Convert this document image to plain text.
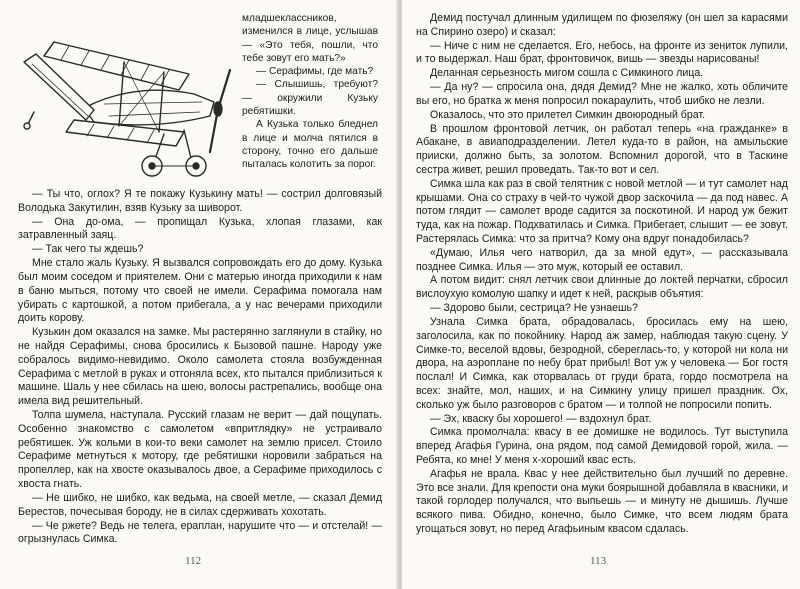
младшеклассников, изменился в лице, услышав — «Это тебя, пошли, что тебе зовут его мать?»

— Серафимы, где мать?

— Слышишь, требуют? — окружили Кузьку ребятишки.

А Кузька только бледнел в лице и молча пятился в сторону, точно его дальше пыталась колотить за порог.

— Ты что, оглох? Я те покажу Кузькину мать! — сострил долговязый Володька Закутилин, взяв Кузьку за шиворот.

— Она до-ома, — пропищал Кузька, хлопая глазами, как затравленный заяц.

— Так чего ты ждешь?

Мне стало жаль Кузьку. Я вызвался сопровождать его до дому. Кузька был моим соседом и приятелем. Они с матерью иногда приходили к нам в баню мыться, потому что своей не имели. Серафима помогала нам убирать с картошкой, а потом прибегала, а у нас вечерами приходили доить корову.

Кузькин дом оказался на замке. Мы растерянно заглянули в стайку, но не найдя Серафимы, снова бросились к Бызовой пашне. Народу уже собралось видимо-невидимо. Около самолета стояла возбужденная Серафима с метлой в руках и отгоняла всех, кто пытался приблизиться к машине. Шаль у нее сбилась на шею, волосы растрепались, вообще она имела вид решительный.

Толпа шумела, наступала. Русский глазам не верит — дай пощупать. Особенно знакомство с самолетом «впритлядку» не устраивало ребятишек. Уж кольми в кои-то веки самолет на землю присел. Стоило Серафиме метнуться к мотору, где ребятишки норовили забраться на пропеллер, как на хвосте оказывалось двое, а Серафиме приходилось с хвоста гнать.

— Не шибко, не шибко, как ведьма, на своей метле, — сказал Демид Берестов, почесывая бороду, не в силах сдерживать хохотать.

— Че ржете? Ведь не телега, ераплан, нарушите что — и отстелай! — огрызнулась Симка.

112

Демид постучал длинным удилищем по фюзеляжу (он шел за карасями на Спирино озеро) и сказал:

— Ниче с ним не сделается. Его, небось, на фронте из зениток лупили, и то выдержал. Наш брат, фронтовичок, вишь — звезды нарисованы!

Деланная серьезность мигом сошла с Симкиного лица.

— Да ну? — спросила она, дядя Демид? Мне не жалко, хоть обличите вы его, но братка ж меня попросил покараулить, чтоб шибко не лезли.

Оказалось, что это прилетел Симкин двоюродный брат.

В прошлом фронтовой летчик, он работал теперь «на гражданке» в Абакане, в авиаподразделении. Летел куда-то в район, на амыльские прииски, должно быть, за золотом. Вспомнил дорогой, что в Таскине сестра живет, решил проведать. Так-то вот и сел.

Симка шла как раз в свой телятник с новой метлой — и тут самолет над крышами. Она со страху в чей-то чужой двор заскочила — да под навес. А потом глядит — самолет вроде садится за поскотиной. И народ уж бежит туда, как на пожар. Подхватилась и Симка. Прибегает, слышит — ее зовут. Растерялась Симка: что за притча? Кому она вдруг понадобилась?

«Думаю, Илья чего натворил, да за мной едут», — рассказывала позднее Симка. Илья — это муж, который ее оставил.

А потом видит: снял летчик свои длинные до локтей перчатки, сбросил вислоухую комолую шапку и идет к ней, раскрыв объятия:

— Здорово были, сестрица? Не узнаешь?

Узнала Симка брата, обрадовалась, бросилась ему на шею, заголосила, как по покойнику. Народ аж замер, наблюдая такую сцену. У Симке-то, веселой вдовы, безродной, сбереглась-то, у которой ни кола ни двора, на аэроплане по небу брат прибыл! Вот уж у человека — Бог гостя послал! И Симка, как оторвалась от груди брата, гордо посмотрела на всех: знайте, мол, наших, и на Симкину улицу пришел праздник. Ох, сколько уж было разговоров с братом — и толпой не попросили попить.

— Эх, кваску бы хорошего! — вздохнул брат.

Симка промолчала: квасу в ее домишке не водилось. Тут выступила вперед Агафья Гурина, она рядом, под самой Демидовой горой, жила. — Ребята, ко мне! У меня х-хороший квас есть.

Агафья не врала. Квас у нее действительно был лучший по деревне. Это все знали. Для крепости она муки боярышной добавляла в квасники, и такой горлодер получался, что выпьешь — и минуту не дышишь. Лучше всякого пива. Обидно, конечно, было Симке, что всем людям брата угощаться зовут, но перед Агафьиным квасом сдалась.

113
